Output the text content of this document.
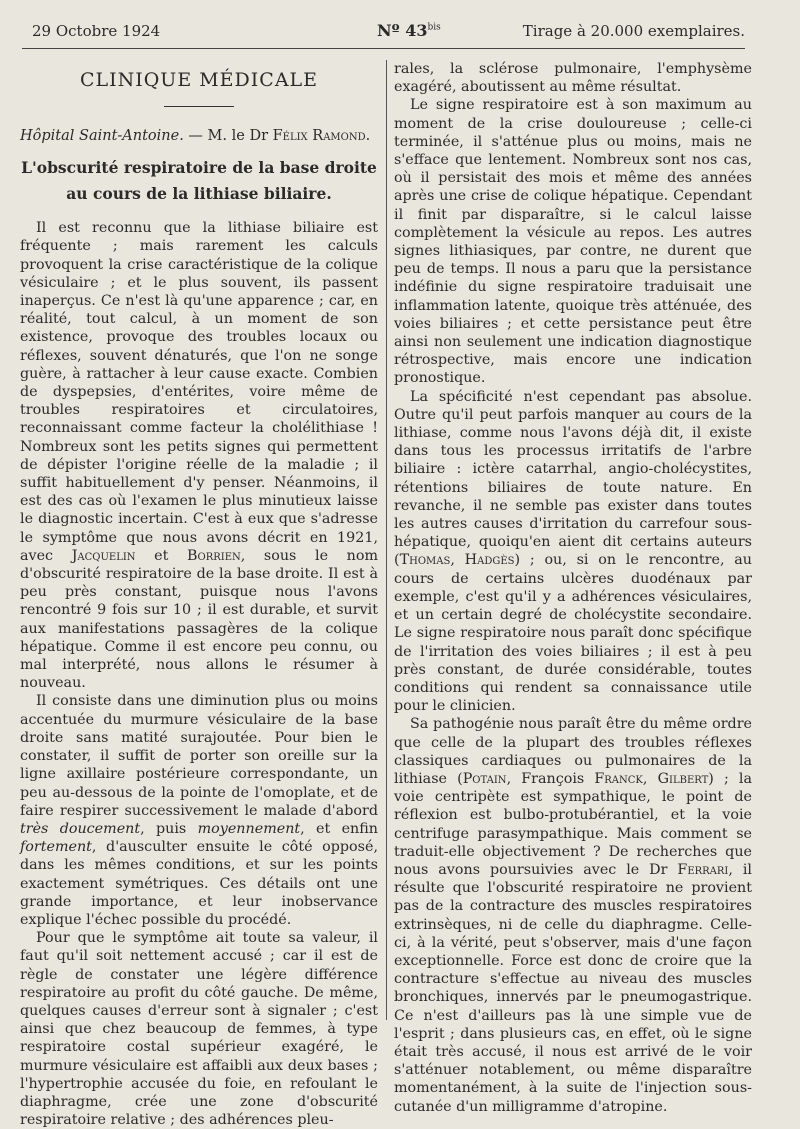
29 Octobre 1924	Nº $43^{bis}$	Tirage à 20.000 exemplaires.
CLINIQUE MÉDICALE
Hôpital Saint-Antoine. — M. le Dr Félix Ramond.
L'obscurité respiratoire de la base droite
au cours de la lithiase biliaire.

Il est reconnu que la lithiase biliaire est fréquente ; mais rarement les calculs provoquent la crise caractéristique de la colique vésiculaire ; et le plus souvent, ils passent inaperçus. Ce n'est là qu'une apparence ; car, en réalité, tout calcul, à un moment de son existence, provoque des troubles locaux ou réflexes, souvent dénaturés, que l'on ne songe guère, à rattacher à leur cause exacte. Combien de dyspepsies, d'entérites, voire même de troubles respiratoires et circulatoires, reconnaissant comme facteur la cholélithiase ! Nombreux sont les petits signes qui permettent de dépister l'origine réelle de la maladie ; il suffit habituellement d'y penser. Néanmoins, il est des cas où l'examen le plus minutieux laisse le diagnostic incertain. C'est à eux que s'adresse le symptôme que nous avons décrit en 1921, avec Jacquelin et Borrien, sous le nom d'obscurité respiratoire de la base droite. Il est à peu près constant, puisque nous l'avons rencontré 9 fois sur 10 ; il est durable, et survit aux manifestations passagères de la colique hépatique. Comme il est encore peu connu, ou mal interprété, nous allons le résumer à nouveau.

Il consiste dans une diminution plus ou moins accentuée du murmure vésiculaire de la base droite sans matité surajoutée. Pour bien le constater, il suffit de porter son oreille sur la ligne axillaire postérieure correspondante, un peu au-dessous de la pointe de l'omoplate, et de faire respirer successivement le malade d'abord très doucement, puis moyennement, et enfin fortement, d'ausculter ensuite le côté opposé, dans les mêmes conditions, et sur les points exactement symétriques. Ces détails ont une grande importance, et leur inobservance explique l'échec possible du procédé.

Pour que le symptôme ait toute sa valeur, il faut qu'il soit nettement accusé ; car il est de règle de constater une légère différence respiratoire au profit du côté gauche. De même, quelques causes d'erreur sont à signaler ; c'est ainsi que chez beaucoup de femmes, à type respiratoire costal supérieur exagéré, le murmure vésiculaire est affaibli aux deux bases ; l'hypertrophie accusée du foie, en refoulant le diaphragme, crée une zone d'obscurité respiratoire relative ; des adhérences pleu-

rales, la sclérose pulmonaire, l'emphysème exagéré, aboutissent au même résultat.

Le signe respiratoire est à son maximum au moment de la crise douloureuse ; celle-ci terminée, il s'atténue plus ou moins, mais ne s'efface que lentement. Nombreux sont nos cas, où il persistait des mois et même des années après une crise de colique hépatique. Cependant il finit par disparaître, si le calcul laisse complètement la vésicule au repos. Les autres signes lithiasiques, par contre, ne durent que peu de temps. Il nous a paru que la persistance indéfinie du signe respiratoire traduisait une inflammation latente, quoique très atténuée, des voies biliaires ; et cette persistance peut être ainsi non seulement une indication diagnostique rétrospective, mais encore une indication pronostique.

La spécificité n'est cependant pas absolue. Outre qu'il peut parfois manquer au cours de la lithiase, comme nous l'avons déjà dit, il existe dans tous les processus irritatifs de l'arbre biliaire : ictère catarrhal, angio-cholécystites, rétentions biliaires de toute nature. En revanche, il ne semble pas exister dans toutes les autres causes d'irritation du carrefour sous-hépatique, quoiqu'en aient dit certains auteurs (Thomas, Hadgès) ; ou, si on le rencontre, au cours de certains ulcères duodénaux par exemple, c'est qu'il y a adhérences vésiculaires, et un certain degré de cholécystite secondaire. Le signe respiratoire nous paraît donc spécifique de l'irritation des voies biliaires ; il est à peu près constant, de durée considérable, toutes conditions qui rendent sa connaissance utile pour le clinicien.

Sa pathogénie nous paraît être du même ordre que celle de la plupart des troubles réflexes classiques cardiaques ou pulmonaires de la lithiase (Potain, François Franck, Gilbert) ; la voie centripète est sympathique, le point de réflexion est bulbo-protubérantiel, et la voie centrifuge parasympathique. Mais comment se traduit-elle objectivement ? De recherches que nous avons poursuivies avec le Dr Ferrari, il résulte que l'obscurité respiratoire ne provient pas de la contracture des muscles respiratoires extrinsèques, ni de celle du diaphragme. Celle-ci, à la vérité, peut s'observer, mais d'une façon exceptionnelle. Force est donc de croire que la contracture s'effectue au niveau des muscles bronchiques, innervés par le pneumogastrique. Ce n'est d'ailleurs pas là une simple vue de l'esprit ; dans plusieurs cas, en effet, où le signe était très accusé, il nous est arrivé de le voir s'atténuer notablement, ou même disparaître momentanément, à la suite de l'injection sous-cutanée d'un milligramme d'atropine.
